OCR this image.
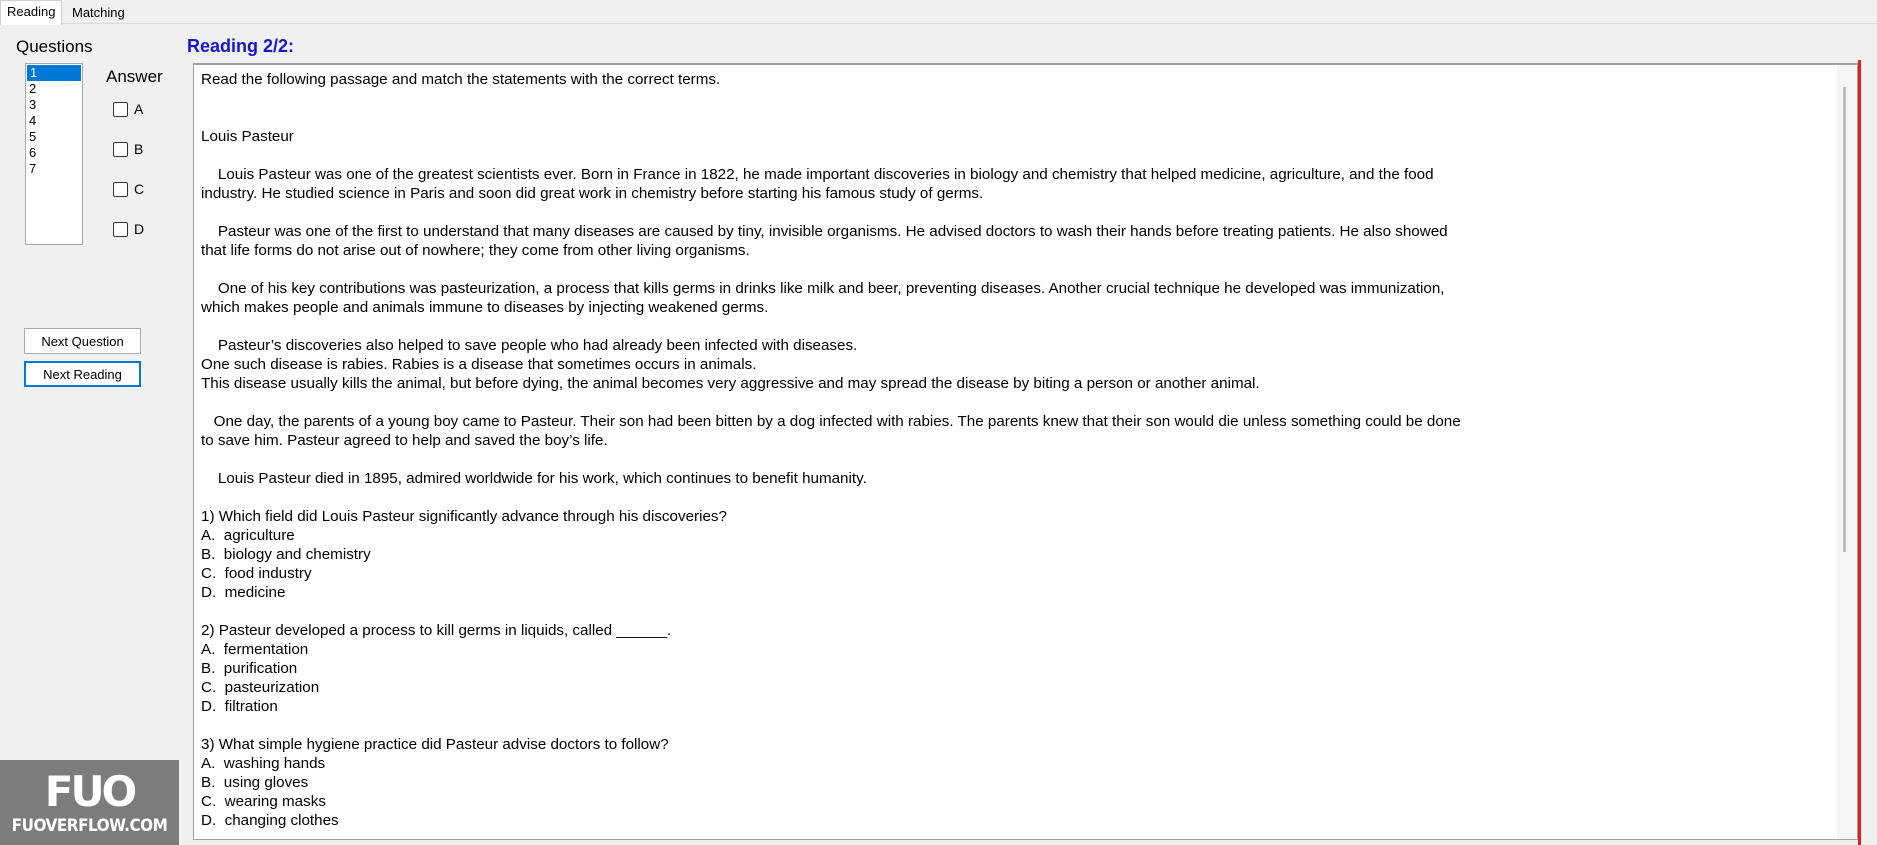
Reading	Matching
Questions
1
2
3
4
5
6
7
Answer
A
B
C
D
Next Question
Next Reading
Reading 2/2:
Read the following passage and match the statements with the correct terms.
Louis Pasteur
Louis Pasteur was one of the greatest scientists ever. Born in France in 1822, he made important discoveries in biology and chemistry that helped medicine, agriculture, and the food
industry. He studied science in Paris and soon did great work in chemistry before starting his famous study of germs.
Pasteur was one of the first to understand that many diseases are caused by tiny, invisible organisms. He advised doctors to wash their hands before treating patients. He also showed
that life forms do not arise out of nowhere; they come from other living organisms.
One of his key contributions was pasteurization, a process that kills germs in drinks like milk and beer, preventing diseases. Another crucial technique he developed was immunization,
which makes people and animals immune to diseases by injecting weakened germs.
Pasteur’s discoveries also helped to save people who had already been infected with diseases.
One such disease is rabies. Rabies is a disease that sometimes occurs in animals.
This disease usually kills the animal, but before dying, the animal becomes very aggressive and may spread the disease by biting a person or another animal.
One day, the parents of a young boy came to Pasteur. Their son had been bitten by a dog infected with rabies. The parents knew that their son would die unless something could be done
to save him. Pasteur agreed to help and saved the boy’s life.
Louis Pasteur died in 1895, admired worldwide for his work, which continues to benefit humanity.
1) Which field did Louis Pasteur significantly advance through his discoveries?
A.  agriculture
B.  biology and chemistry
C.  food industry
D.  medicine
2) Pasteur developed a process to kill germs in liquids, called ______.
A.  fermentation
B.  purification
C.  pasteurization
D.  filtration
3) What simple hygiene practice did Pasteur advise doctors to follow?
A.  washing hands
B.  using gloves
C.  wearing masks
D.  changing clothes
FUO
FUOVERFLOW.COM
